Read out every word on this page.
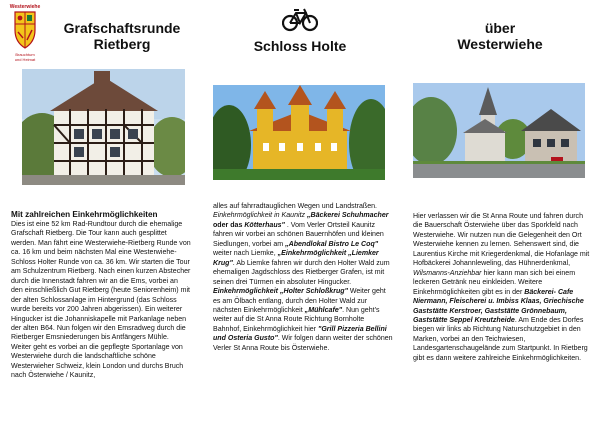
Westerwiehe
Brauchtum
und Heimat
Grafschaftsrunde
Rietberg
Mit zahlreichen Einkehrmöglichkeiten

Dies ist eine 52 km Rad-Rundtour durch die ehemalige Grafschaft Rietberg. Die Tour kann auch gesplittet werden. Man fährt eine Westerwiehe-Rietberg Runde von ca. 16 km und beim nächsten Mal eine Westerwiehe-Schloss Holter Runde von ca. 36 km. Wir starten die Tour am Schulzentrum Rietberg. Nach einen kurzen Abstecher durch die Innenstadt fahren wir an die Ems, vorbei an den einschließlich Gut Rietberg (heute Seniorenheim) mit der alten Schlossanlage im Hintergrund (das Schloss wurde bereits vor 200 Jahren abgerissen). Ein weiterer Hingucker ist die Johanniskapelle mit Parkanlage neben der alten B64. Nun folgen wir den Emsradweg durch die Rietberger Emsniederungen bis Antfängers Mühle. Weiter geht es vorbei an die gepflegte Sportanlage von Westerwiehe durch die landschaftliche schöne Westerwieher Schweiz, klein London und durchs Bruch nach Österwiehe / Kaunitz,

Schloss Holte

alles auf fahrradtauglichen Wegen und Landstraßen. Einkehrmöglichkeit in Kaunitz „Bäckerei Schuhmacher oder das Kötterhaus" . Vom Verler Ortsteil Kaunitz fahren wir vorbei an schönen Bauernhöfen und kleinen Siedlungen, vorbei am „Abendlokal Bistro Le Coq" weiter nach Liemke, „Einkehrmöglichkeit „Liemker Krug". Ab Liemke fahren wir durch den Holter Wald zum ehemaligen Jagdschloss des Rietberger Grafen, ist mit seinen drei Türmen ein absoluter Hingucker. Einkehrmöglichkeit „Holter Schloßkrug" Weiter geht es am Ölbach entlang, durch den Holter Wald zur nächsten Einkehrmöglichkeit „Mühlcafe". Nun geht's weiter auf die St Anna Route Richtung Bornholte Bahnhof, Einkehrmöglichkeit hier "Grill Pizzeria Bellini und Osteria Gusto". Wir folgen dann weiter der schönen Verler St Anna Route bis Österwiehe.

über
Westerwiehe

Hier verlassen wir die St Anna Route und fahren durch die Bauerschaft Österwiehe über das Sporkfeld nach Westerwiehe. Wir nutzen nun die Gelegenheit den Ort Westerwiehe kennen zu lernen. Sehenswert sind, die Laurentius Kirche mit Kriegerdenkmal, die Hofanlage mit Hofbäckerei Johannleweling, das Hühnerdenkmal, Wilsmanns-Anziehbar hier kann man sich bei einem leckeren Getränk neu einkleiden. Weitere Einkehrmöglichkeiten gibt es in der Bäckerei- Cafe Niermann, Fleischerei u. Imbiss Klaas, Griechische Gaststätte Kerstroer, Gaststätte Grönnebaum, Gaststätte Seppel Kreutzheide. Am Ende des Dorfes biegen wir links ab Richtung Naturschutzgebiet in den Marken, vorbei an den Teichwiesen, Landesgartenschaugelände zum Startpunkt. In Rietberg gibt es dann weitere zahlreiche Einkehrmöglichkeiten.
